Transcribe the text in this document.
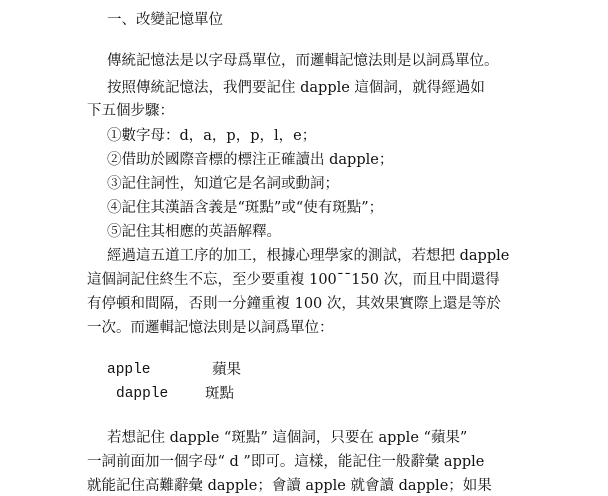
一、改變記憶單位
傳統記憶法是以字母爲單位，而邏輯記憶法則是以詞爲單位。
按照傳統記憶法，我們要記住 dapple 這個詞，就得經過如
下五個步驟：
①數字母：d，a，p，p，l，e；
②借助於國際音標的標注正確讀出 dapple；
③記住詞性，知道它是名詞或動詞；
④記住其漢語含義是“斑點”或“使有斑點”；
⑤記住其相應的英語解釋。
經過這五道工序的加工，根據心理學家的測試，若想把 dapple
這個詞記住終生不忘，至少要重複 100¯¯150 次，而且中間還得
有停頓和間隔，否則一分鐘重複 100 次，其效果實際上還是等於
一次。而邏輯記憶法則是以詞爲單位：
apple	蘋果
dapple	斑點
若想記住 dapple “斑點” 這個詞，只要在 apple “蘋果”
一詞前面加一個字母“ d ”即可。這樣，能記住一般辭彙 apple
就能記住高難辭彙 dapple；會讀 apple 就會讀 dapple；如果
